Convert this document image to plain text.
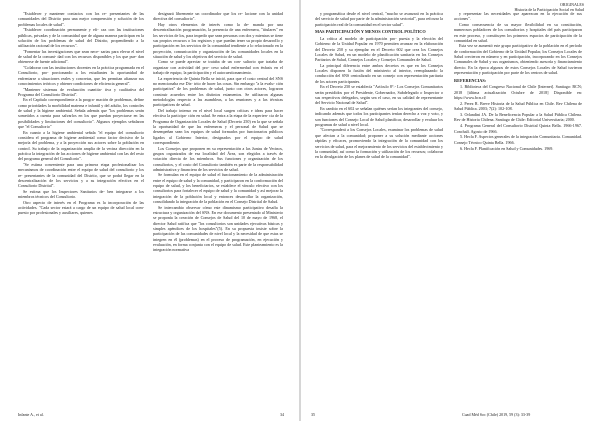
ORIGINALES
Historia de la Participación Social en Salud

"Establecer y mantener contactos con los re- presentantes de las comunidades del Distrito para una mejor comprensión y solución de los problemas locales de salud".

"Establecer coordinación permanente y efi- caz con las instituciones públicas, privadas y de la comunidad que de alguna manera participan en la solución de los problemas de salud del Distrito, propendiendo a la utilización racional de los recursos".

"Fomentar las investigaciones que sean nece- sarias para elevar el nivel de salud de la comuni- dad con los recursos disponibles y los que pue- dan obtenerse de fuente adicional".

"Colaborar con las instituciones docentes en la práctica programada en el Consultorio, pro- porcionando a los estudiantes la oportunidad de enfrentarse a situaciones reales y concretas, que les permitan afianzar sus conocimientos teóricos y obtener condiciones de eficiencia general".

"Mantener sistemas de evaluación cuantita- tiva y cualitativa del Programa del Consultorio Distrital".

En el Capítulo correspondiente a la progra- mación de problemas, define como prioridades la morbilidad materna e infantil y del adulto, los controles de salud y la higiene ambiental. Señala además que "los problemas serán sometidos a cuenta para salvarlos en los que puedan proyectarse en las posibilidades y limitaciones del consultorio". Algunos ejemplos señalaron que "el Consultorio"

En cuanto a la higiene ambiental señala "el equipo del consultorio considera el programa de higiene ambiental como factor decisivo de la mejoría del problema, y a la proyección sus actores sobre la población en control. Su trabajo de la organización amplia de la vecina dirección en la práctica la integración de las acciones de higiene ambiental con las del resto del programa general del Consultorio".

"Se estima conveniente para una primera etapa profesionalizar los mecanismos de coordinación entre el equipo de salud del consultorio y los re- presentantes de la comunidad del Distrito, que se podrá llegar en la descentralización de los servicios y a su integración efectiva en el Consultorio Distrital".

Se estima que los Inspectores Sanitarios de- ben integrarse a los miembros técnicos del Consultorio.

Otro aspecto de interés en el Programa es la incorporación de las actividades. "Cada sector estará a cargo de un equipo de salud local com- puesto por profesionales y auxiliares, quienes

designará libremente un coordinador que los re- lacione con la unidad directiva del consultorio".

Hay otros elementos de interés como la de- manda por una descentralización programación, la presencia de una enfermera, "titulares" en los servicios de los, para impedir que sean personas con dos y mientras se tiene sus propios recursos o los registros y que puedan tener su propio desarrollo y participación en los servicios de la comunidad tendiente a lo relacionado en la proyección, comunicación y organización de las comunidades locales en la situación de salud y los objetivos del servicio de salud.

Como se puede apreciar se trataba de un con- sultorio que trataba de organizar con actividad del pro- ceso salud enfermedad con énfasis en el trabajo de equipo, la participación y el autocuestionamiento.

La experiencia de Quinta Bella se inició, para que el costo central del SNS no mencionaba ese Dis- trito de hacer las cosas. Sin embargo "a la evalu- ción participativa" de los problemas de salud, junto con otros actores, lograron construir acuerdos entre los distintos estamentos. Se utilizaron algunas metodologías respecto a las asambleas, a las reuniones y a las técnicas participativas de salud.

Del trabajo intenso en el nivel local surgen críticas e ideas para hacer efectiva la participa- ción en salud. Se entra a la etapa de la experien- cia de la Programa de Organización Locales de Salud (Decreto 250) en la que se señala la oportunidad de que las enfermeras y el personal de Salud que se desempeñan sean los equipos de salud formados por funcionarios públicos ligados al Gobierno Interior, designados por el equipo de salud correspondiente.

Los Consejos que proponen en su representación a las Juntas de Vecinos, grupos organizados de esa localidad del Área, son elegidos a través de votación directa de los miembros. Sus funciones y organización de los consultorios, y el costo del Consultorio también es parte de la responsabilidad administrativa y financiera de los servicios de salud.

Se formulan en el equipo de salud el funcionamiento de la administración entre el equipo de salud y la comunidad, y participaron en la conformación del equipo de salud, y los beneficiarios, se establece el vínculo efectivo con los consultorios para fortalecer el equipo de salud y la comunidad y así mejorar la integración de la población local y entonces desarrollar la organización, consolidando la integración de la población en el Consejo Distrital de Salud.

Se intercambio observar cómo este dinamismo participativo desafía la estructura y organización del SNS. En ese documento presentado al Ministerio se proponía la creación de Consejos de Salud del 10 de mayo de 1968, el director Salud ratifica que "los consultorios son unidades ejecutivas básicas y simples apéndices de los hospitales"(5). En su propuesta insiste sobre la participación de las comunidades de nivel local y la necesidad de que estas se integren en él (problemas) en el proceso de programación, en ejecución y evaluación, en forma conjunta con el equipo de salud. Este planteamiento es la integración normativa

y programática desde el nivel central, "mucho se avanzará en la práctica del servicio de salud por parte de la administración sectorial", para reforzar la participación real de la comunidad en el sector salud".

MAS PARTICIPACIÓN Y MENOS CONTROL POLÍTICO

La crítica al modelo de participación pro- puesta y la elección del Gobierno de la Unidad Popular en 1970 permiten avanzar en la elaboración del Decreto 250 y su ejemplar en el Decreto 602 que crea los Consejos Locales de Salud, en un modelo de planificación sanitaria en los Consejos Paritarios de Salud, Consejos Locales y Consejos Comunales de Salud.

La principal diferencia entre ambos decretos es que en los Consejos Locales disponen la fusión del ministerio al interior, reemplazando la conducción del SNS centralizado en un consejo con representación paritaria de los actores participantes.

En el Decreto 250 se establecía "Artículo 8°.- Los Consejos Comunitarios serán presididos por el Presidente, Gobernador, Subdelegado o Inspector o sus respectivos delegados, según sea el caso, en su calidad de representante del Servicio Nacional de Salud".

En cambio en el 602 se señalan quiénes serían los integrantes del consejo, indicando además que todos los participantes tenían derecho a voz y voto, y son funciones del Consejo Local de Salud planificar, desarrollar y evaluar los programas de salud a nivel local.

"Corresponderá a los Consejos Locales, examinar los problemas de salud que afectan a la comunidad; proponer a su solución mediante acciones rápidas y eficaces, promoviendo la integración de la comunidad con los servicios de salud, para el mejoramiento de los servicios del establecimiento y la comunidad, así como la formación y utilización de los recursos; colaborar en la divulgación de los planes de salud de la comunidad".

y representar las necesidades que aparezcan en la ejecución de sus acciones".

Como consecuencia de su mayor flexibilidad en su constitución, numerosos pobladores de los consultorios y hospitales del país participaron en este proceso, y constituyen los primeros espacios de participación de la comunidad en salud.

Esta vez se aumentó este grupo participativo de la población en el período de conformación del Gobierno de la Unidad Popular, los Consejos Locales de Salud crecieron en número y en participación, incorporando en los Consejos Comunales de Salud y sus organismos, obteniendo asesoría y financiamiento directo. En la época algunos de estos Consejos Locales de Salud tuvieron representación y participación por parte de los centros de salud.

REFERENCIAS:

1. Biblioteca del Congreso Nacional de Chile [Internet]. Santiago: BCN; 2018 [última actualización Octubre de 2018] Disponible en: https://www.bcn.cl/

2. Perez R. Breve Historia de la Salud Pública en Chile. Rev Chilena de Salud Pública. 2003; 7(2): 102-108.

3. Orlandini JA. De la Beneficencia Popular a la Salud Pública Chilena. Rev de Historia Chilena. Santiago de Chile: Editorial Universitaria; 2000.

4. Programa General del Consultorio Distrital Quinta Bella. 1966-1967. Conchalí. Agosto de 1966.

5. Hecla F. Aspectos generales de la integración Comunitaria. Comunidad. Consejo Técnico Quinta Bella. 1966.

6. Hecla F. Planificación en Salud y Comunidades. 1969.

Infante A., et al.	34	35	Cuad Méd Soc (Chile) 2019, 59 (3): 33-39
